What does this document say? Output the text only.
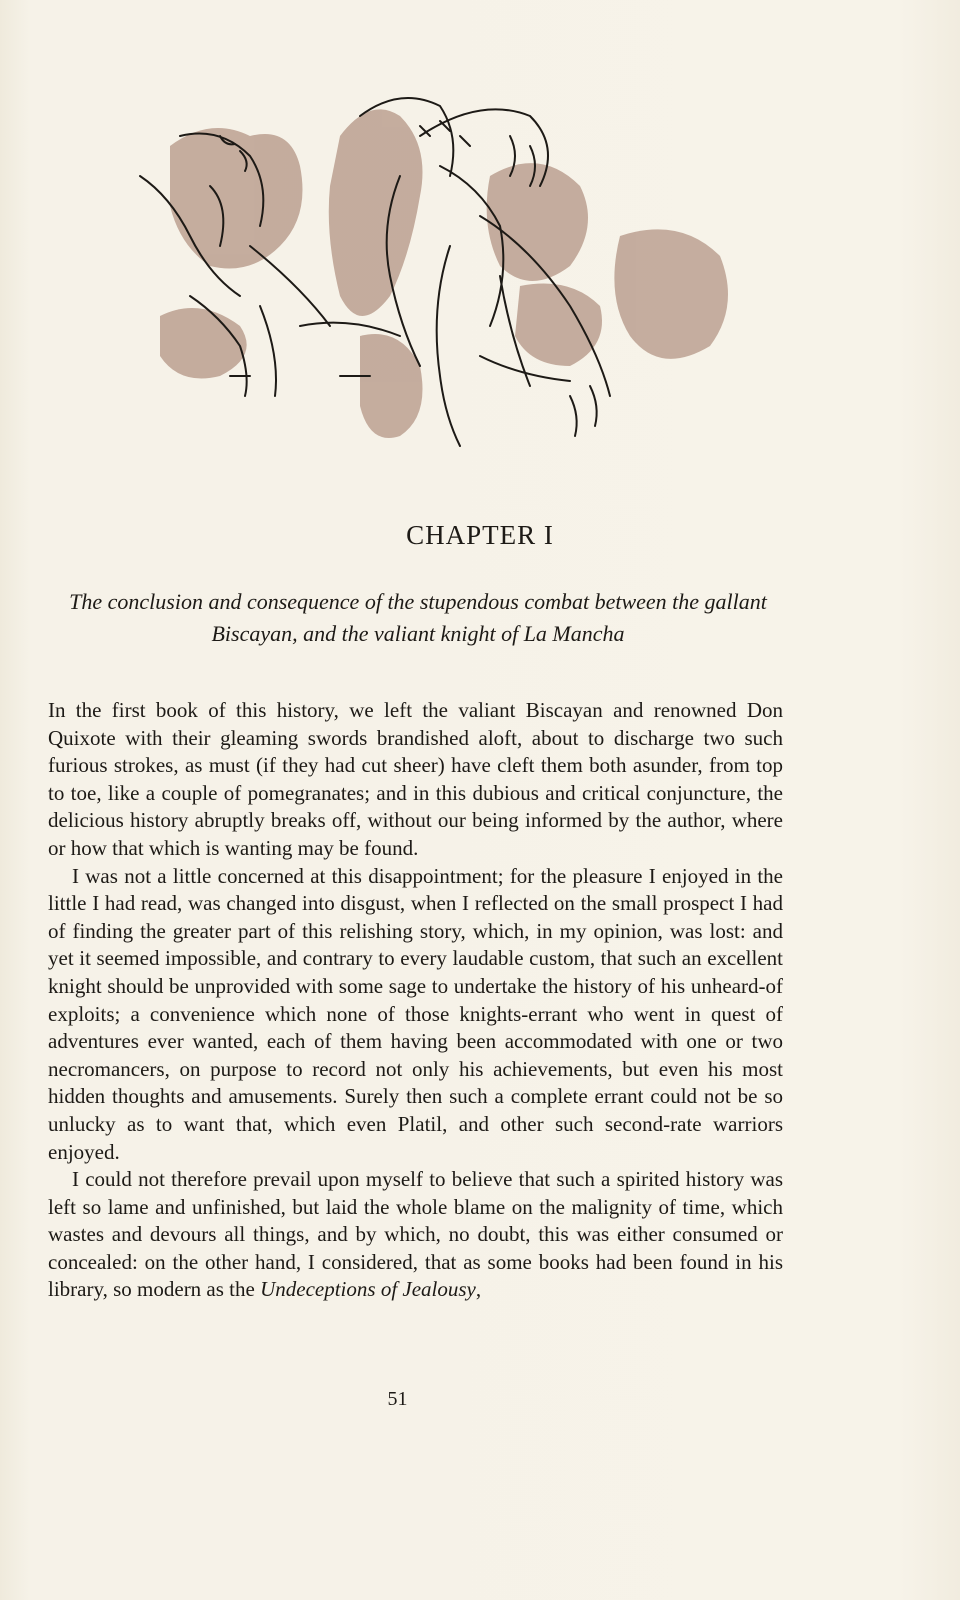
CHAPTER I

The conclusion and consequence of the stupendous combat between the gallant Biscayan, and the valiant knight of La Mancha

In the first book of this history, we left the valiant Biscayan and renowned Don Quixote with their gleaming swords brandished aloft, about to discharge two such furious strokes, as must (if they had cut sheer) have cleft them both asunder, from top to toe, like a couple of pomegranates; and in this dubious and critical conjuncture, the delicious history abruptly breaks off, without our being informed by the author, where or how that which is wanting may be found.

I was not a little concerned at this disappointment; for the pleasure I enjoyed in the little I had read, was changed into disgust, when I reflected on the small prospect I had of finding the greater part of this relishing story, which, in my opinion, was lost: and yet it seemed impossible, and contrary to every laudable custom, that such an excellent knight should be unprovided with some sage to undertake the history of his unheard-of exploits; a convenience which none of those knights-errant who went in quest of adventures ever wanted, each of them having been accommodated with one or two necromancers, on purpose to record not only his achievements, but even his most hidden thoughts and amusements. Surely then such a complete errant could not be so unlucky as to want that, which even Platil, and other such second-rate warriors enjoyed.

I could not therefore prevail upon myself to believe that such a spirited history was left so lame and unfinished, but laid the whole blame on the malignity of time, which wastes and devours all things, and by which, no doubt, this was either consumed or concealed: on the other hand, I considered, that as some books had been found in his library, so modern as the Undeceptions of Jealousy,

51
